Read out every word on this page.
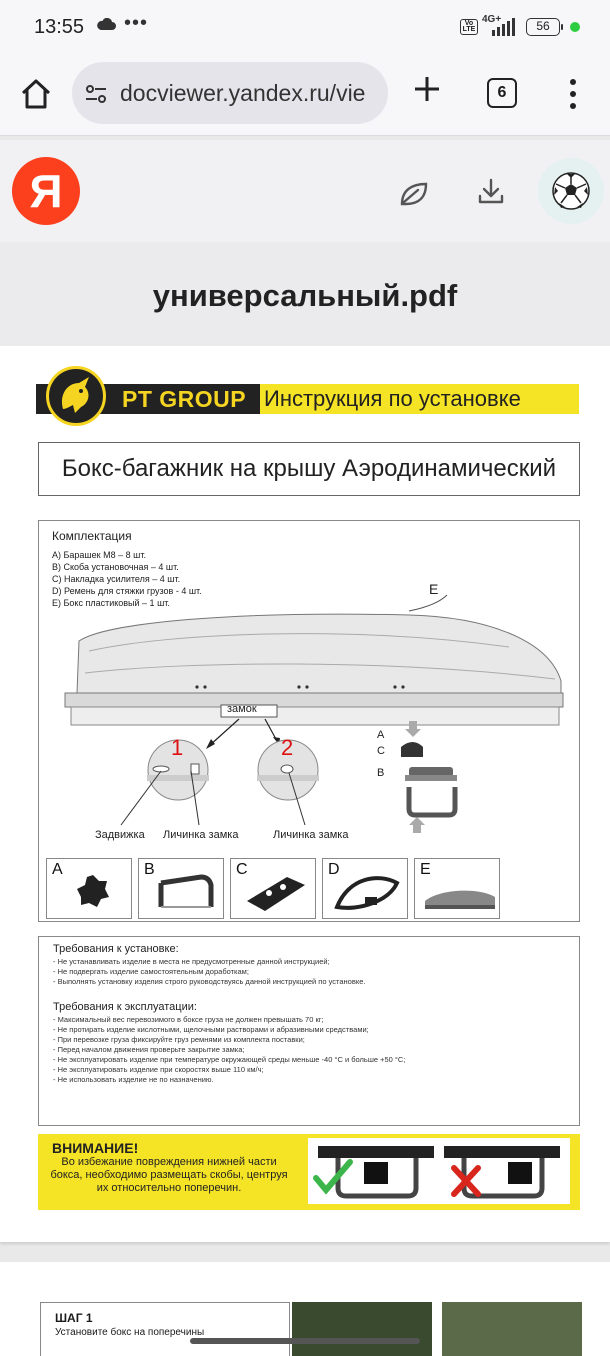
13:55 •••	Vo LTE
4G+	56
docviewer.yandex.ru/vie	6
Я
универсальный.pdf
PT GROUP Инструкция по установке
Бокс-багажник на крышу Аэродинамический
Комплектация
A) Барашек M8 – 8 шт.
B) Скоба установочная – 4 шт.
C) Накладка усилителя – 4 шт.
D) Ремень для стяжки грузов - 4 шт.
E) Бокс пластиковый – 1 шт.
E
замок
1	2
Задвижка Личинка замка	Личинка замка
A
C
B
A	B	C	D	E
Требования к установке:
- Не устанавливать изделие в места не предусмотренные данной инструкцией;
- Не подвергать изделие самостоятельным доработкам;
- Выполнять установку изделия строго руководствуясь данной инструкцией по установке.
Требования к эксплуатации:
- Максимальный вес перевозимого в боксе груза не должен превышать 70 кг;
- Не протирать изделие кислотными, щелочными растворами и абразивными средствами;
- При перевозке груза фиксируйте груз ремнями из комплекта поставки;
- Перед началом движения проверьте закрытие замка;
- Не эксплуатировать изделие при температуре окружающей среды меньше -40 °С и больше +50 °С;
- Не эксплуатировать изделие при скоростях выше 110 км/ч;
- Не использовать изделие не по назначению.
ВНИМАНИЕ!
Во избежание повреждения нижней части бокса, необходимо размещать скобы, центруя их относительно поперечин.
ШАГ 1
Установите бокс на поперечины
